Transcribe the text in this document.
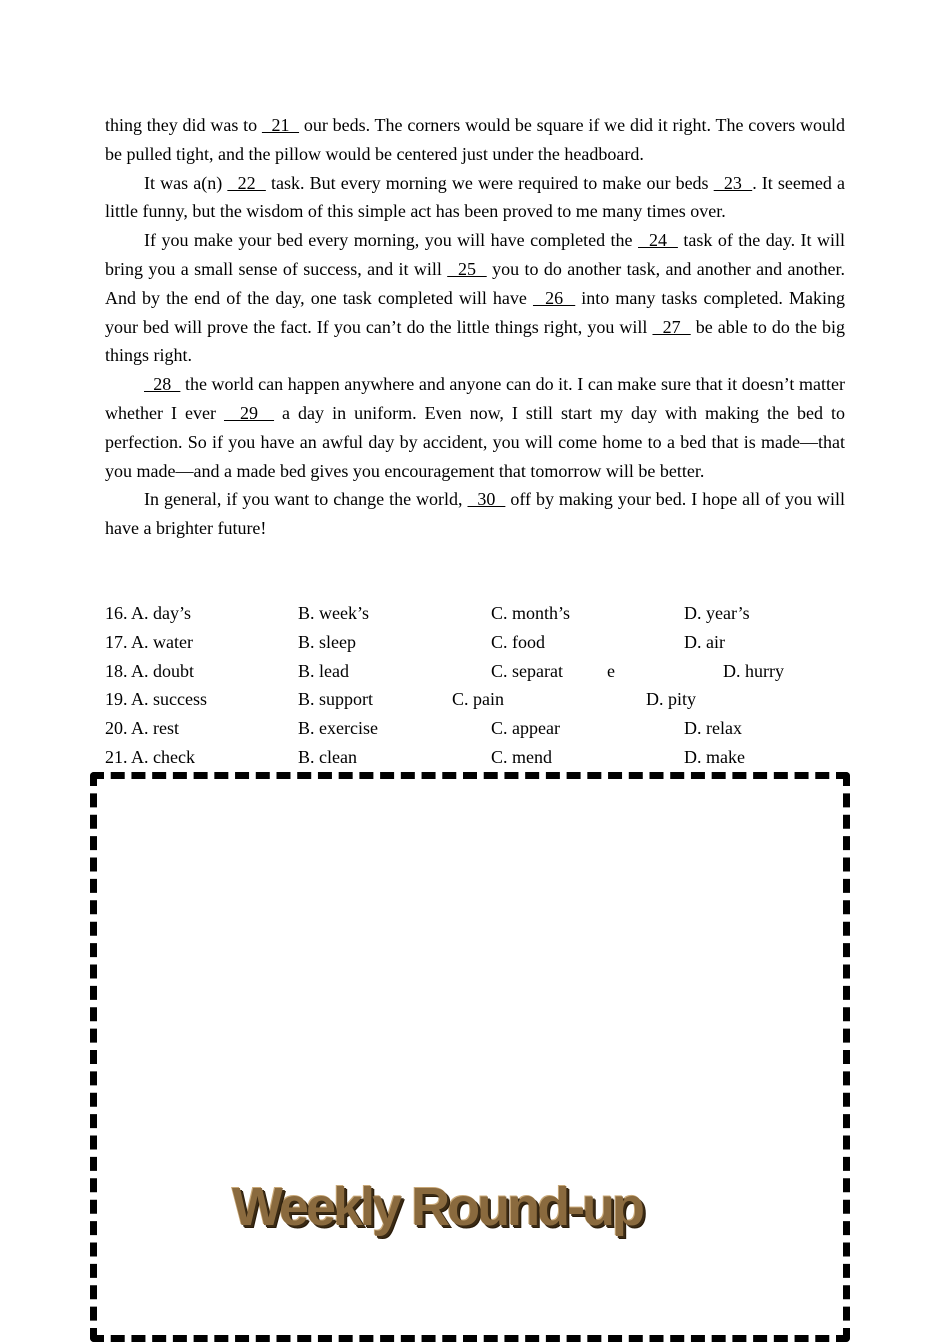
thing they did was to   21   our beds. The corners would be square if we did it right. The covers would be pulled tight, and the pillow would be centered just under the headboard.

It was a(n)   22   task. But every morning we were required to make our beds   23  . It seemed a little funny, but the wisdom of this simple act has been proved to me many times over.

If you make your bed every morning, you will have completed the   24   task of the day. It will bring you a small sense of success, and it will   25   you to do another task, and another and another. And by the end of the day, one task completed will have   26   into many tasks completed. Making your bed will prove the fact. If you can’t do the little things right, you will   27   be able to do the big things right.

28   the world can happen anywhere and anyone can do it. I can make sure that it doesn’t matter whether I ever   29   a day in uniform. Even now, I still start my day with making the bed to perfection. So if you have an awful day by accident, you will come home to a bed that is made—that you made—and a made bed gives you encouragement that tomorrow will be better.

In general, if you want to change the world,   30   off by making your bed. I hope all of you will have a brighter future!

16. A. day’s	B. week’s	C. month’s	D. year’s
17. A. water	B. sleep	C. food	D. air
18. A. doubt	B. lead	C. separat e	D. hurry
19. A. success	B. support	C. pain	D. pity
20. A. rest	B. exercise	C. appear	D. relax
21. A. check	B. clean	C. mend	D. make
Weekly Round-up
